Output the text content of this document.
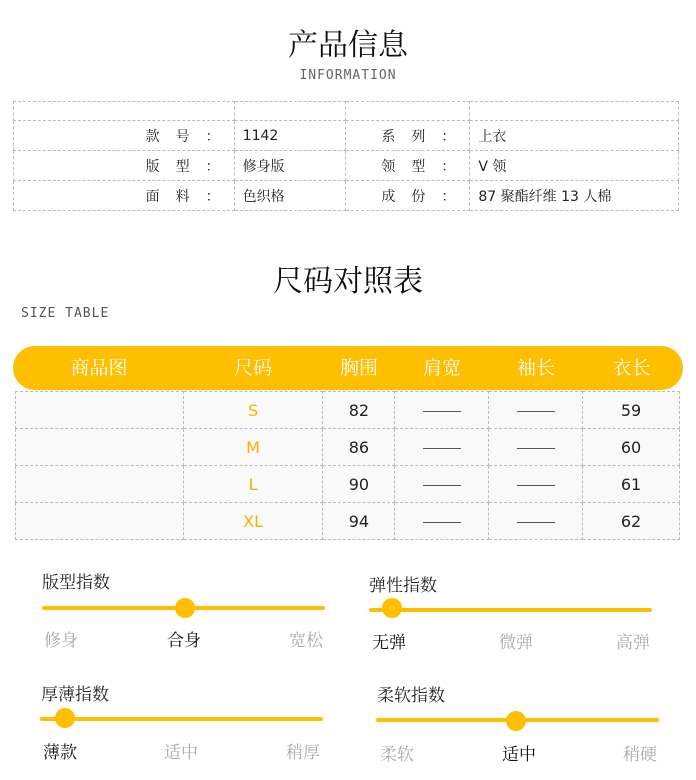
产品信息
INFORMATION

款号：	1142	系列：	上衣
版型：	修身版	领型：	V 领
面料：	色织格	成份：	87 聚酯纤维 13 人棉
尺码对照表
SIZE TABLE
商品图	尺码	胸围	肩宽	袖长	衣长
	S	82			59
	M	86			60
	L	90			61
	XL	94			62
版型指数
修身	合身	宽松
弹性指数
无弹	微弹	高弹
厚薄指数
薄款	适中	稍厚
柔软指数
柔软	适中	稍硬
